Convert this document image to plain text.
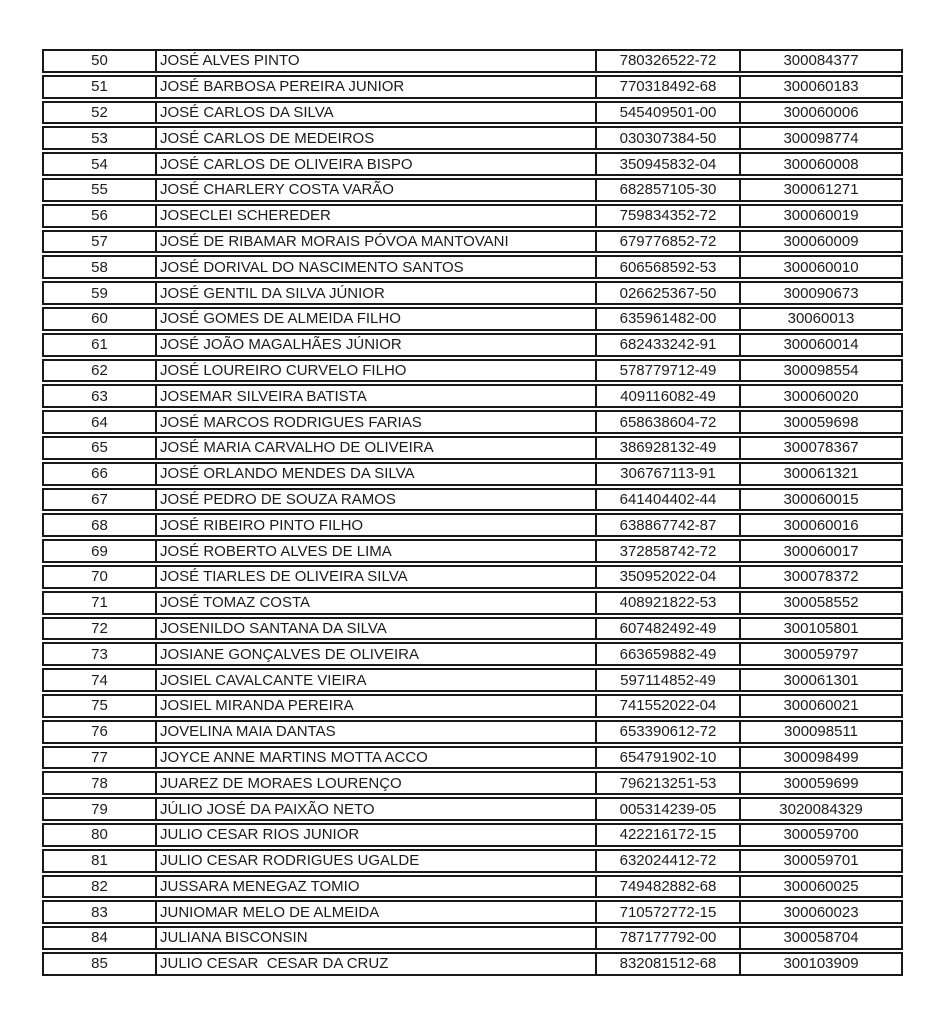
50	JOSÉ ALVES PINTO	780326522-72	300084377
51	JOSÉ BARBOSA PEREIRA JUNIOR	770318492-68	300060183
52	JOSÉ CARLOS DA SILVA	545409501-00	300060006
53	JOSÉ CARLOS DE MEDEIROS	030307384-50	300098774
54	JOSÉ CARLOS DE OLIVEIRA BISPO	350945832-04	300060008
55	JOSÉ CHARLERY COSTA VARÃO	682857105-30	300061271
56	JOSECLEI SCHEREDER	759834352-72	300060019
57	JOSÉ DE RIBAMAR MORAIS PÓVOA MANTOVANI	679776852-72	300060009
58	JOSÉ DORIVAL DO NASCIMENTO SANTOS	606568592-53	300060010
59	JOSÉ GENTIL DA SILVA JÚNIOR	026625367-50	300090673
60	JOSÉ GOMES DE ALMEIDA FILHO	635961482-00	30060013
61	JOSÉ JOÃO MAGALHÃES JÚNIOR	682433242-91	300060014
62	JOSÉ LOUREIRO CURVELO FILHO	578779712-49	300098554
63	JOSEMAR SILVEIRA BATISTA	409116082-49	300060020
64	JOSÉ MARCOS RODRIGUES FARIAS	658638604-72	300059698
65	JOSÉ MARIA CARVALHO DE OLIVEIRA	386928132-49	300078367
66	JOSÉ ORLANDO MENDES DA SILVA	306767113-91	300061321
67	JOSÉ PEDRO DE SOUZA RAMOS	641404402-44	300060015
68	JOSÉ RIBEIRO PINTO FILHO	638867742-87	300060016
69	JOSÉ ROBERTO ALVES DE LIMA	372858742-72	300060017
70	JOSÉ TIARLES DE OLIVEIRA SILVA	350952022-04	300078372
71	JOSÉ TOMAZ COSTA	408921822-53	300058552
72	JOSENILDO SANTANA DA SILVA	607482492-49	300105801
73	JOSIANE GONÇALVES DE OLIVEIRA	663659882-49	300059797
74	JOSIEL CAVALCANTE VIEIRA	597114852-49	300061301
75	JOSIEL MIRANDA PEREIRA	741552022-04	300060021
76	JOVELINA MAIA DANTAS	653390612-72	300098511
77	JOYCE ANNE MARTINS MOTTA ACCO	654791902-10	300098499
78	JUAREZ DE MORAES LOURENÇO	796213251-53	300059699
79	JÚLIO JOSÉ DA PAIXÃO NETO	005314239-05	3020084329
80	JULIO CESAR RIOS JUNIOR	422216172-15	300059700
81	JULIO CESAR RODRIGUES UGALDE	632024412-72	300059701
82	JUSSARA MENEGAZ TOMIO	749482882-68	300060025
83	JUNIOMAR MELO DE ALMEIDA	710572772-15	300060023
84	JULIANA BISCONSIN	787177792-00	300058704
85	JULIO CESAR  CESAR DA CRUZ	832081512-68	300103909
